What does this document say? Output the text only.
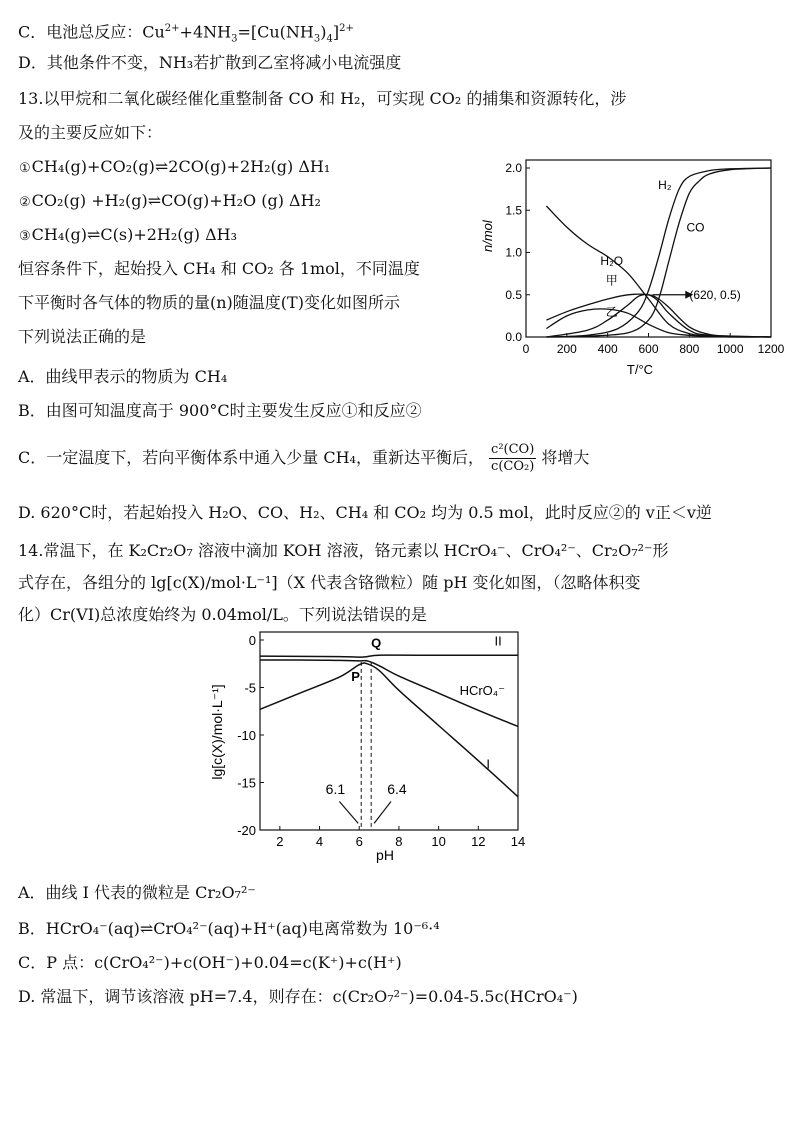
C．电池总反应：$Cu^{2+}+4NH_3=[Cu(NH_3)_4]^{2+}$
D．其他条件不变，NH₃若扩散到乙室将减小电流强度
13.以甲烷和二氧化碳经催化重整制备 CO 和 H₂，可实现 CO₂ 的捕集和资源转化，涉
及的主要反应如下：
①CH₄(g)+CO₂(g)⇌2CO(g)+2H₂(g) ΔH₁
②CO₂(g) +H₂(g)⇌CO(g)+H₂O (g) ΔH₂
③CH₄(g)⇌C(s)+2H₂(g) ΔH₃
恒容条件下，起始投入 CH₄ 和 CO₂ 各 1mol，不同温度
下平衡时各气体的物质的量(n)随温度(T)变化如图所示
下列说法正确的是
0 200 400 600 800 1000 1200
0.0
0.5
1.0
1.5
2.0
H₂
CO
H₂O
甲
乙
(620, 0.5)
n/mol
T/°C
A．曲线甲表示的物质为 CH₄
B．由图可知温度高于 900°C时主要发生反应①和反应②
C．一定温度下，若向平衡体系中通入少量 CH₄，重新达平衡后， $\frac{\text{c²(CO)}}{\text{c(CO₂)}}$ 将增大
D. 620°C时，若起始投入 H₂O、CO、H₂、CH₄ 和 CO₂ 均为 0.5 mol，此时反应②的 v正＜v逆
14.常温下，在 K₂Cr₂O₇ 溶液中滴加 KOH 溶液，铬元素以 HCrO₄⁻、CrO₄²⁻、Cr₂O₇²⁻形
式存在，各组分的 lg[c(X)/mol·L⁻¹]（X 代表含铬微粒）随 pH 变化如图，（忽略体积变
化）Cr(VI)总浓度始终为 0.04mol/L。下列说法错误的是
2 4 6 8 10 12 14
0
-5
-10
-15
-20
II
HCrO₄⁻
I
P
Q
6.1	6.4
lg[c(X)/mol·L⁻¹]
pH
A．曲线 I 代表的微粒是 Cr₂O₇²⁻
B．HCrO₄⁻(aq)⇌CrO₄²⁻(aq)+H⁺(aq)电离常数为 10⁻⁶·⁴
C．P 点：c(CrO₄²⁻)+c(OH⁻)+0.04=c(K⁺)+c(H⁺)
D. 常温下，调节该溶液 pH=7.4，则存在：c(Cr₂O₇²⁻)=0.04-5.5c(HCrO₄⁻)
